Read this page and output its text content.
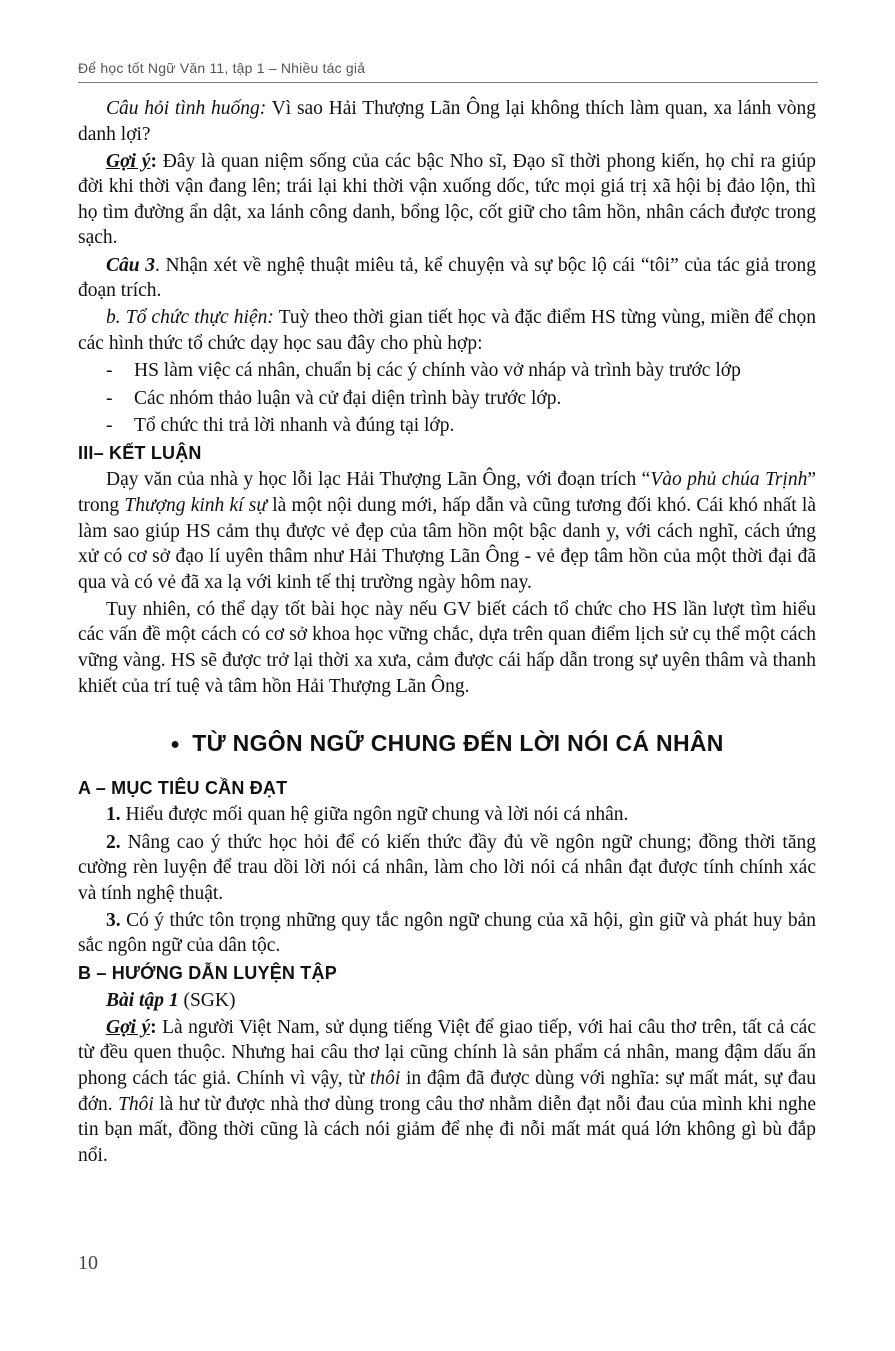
Để học tốt Ngữ Văn 11, tập 1 – Nhiều tác giả

Câu hỏi tình huống: Vì sao Hải Thượng Lãn Ông lại không thích làm quan, xa lánh vòng danh lợi?

Gợi ý: Đây là quan niệm sống của các bậc Nho sĩ, Đạo sĩ thời phong kiến, họ chỉ ra giúp đời khi thời vận đang lên; trái lại khi thời vận xuống dốc, tức mọi giá trị xã hội bị đảo lộn, thì họ tìm đường ẩn dật, xa lánh công danh, bổng lộc, cốt giữ cho tâm hồn, nhân cách được trong sạch.

Câu 3. Nhận xét về nghệ thuật miêu tả, kể chuyện và sự bộc lộ cái “tôi” của tác giả trong đoạn trích.

b. Tổ chức thực hiện: Tuỳ theo thời gian tiết học và đặc điểm HS từng vùng, miền để chọn các hình thức tổ chức dạy học sau đây cho phù hợp:

- HS làm việc cá nhân, chuẩn bị các ý chính vào vở nháp và trình bày trước lớp
- Các nhóm thảo luận và cử đại diện trình bày trước lớp.
- Tổ chức thi trả lời nhanh và đúng tại lớp.
III– KẾT LUẬN

Dạy văn của nhà y học lỗi lạc Hải Thượng Lãn Ông, với đoạn trích “Vào phủ chúa Trịnh” trong Thượng kinh kí sự là một nội dung mới, hấp dẫn và cũng tương đối khó. Cái khó nhất là làm sao giúp HS cảm thụ được vẻ đẹp của tâm hồn một bậc danh y, với cách nghĩ, cách ứng xử có cơ sở đạo lí uyên thâm như Hải Thượng Lãn Ông - vẻ đẹp tâm hồn của một thời đại đã qua và có vẻ đã xa lạ với kinh tế thị trường ngày hôm nay.

Tuy nhiên, có thể dạy tốt bài học này nếu GV biết cách tổ chức cho HS lần lượt tìm hiểu các vấn đề một cách có cơ sở khoa học vững chắc, dựa trên quan điểm lịch sử cụ thể một cách vững vàng. HS sẽ được trở lại thời xa xưa, cảm được cái hấp dẫn trong sự uyên thâm và thanh khiết của trí tuệ và tâm hồn Hải Thượng Lãn Ông.

● TỪ NGÔN NGỮ CHUNG ĐẾN LỜI NÓI CÁ NHÂN
A – MỤC TIÊU CẦN ĐẠT

1. Hiểu được mối quan hệ giữa ngôn ngữ chung và lời nói cá nhân.

2. Nâng cao ý thức học hỏi để có kiến thức đầy đủ về ngôn ngữ chung; đồng thời tăng cường rèn luyện để trau dồi lời nói cá nhân, làm cho lời nói cá nhân đạt được tính chính xác và tính nghệ thuật.

3. Có ý thức tôn trọng những quy tắc ngôn ngữ chung của xã hội, gìn giữ và phát huy bản sắc ngôn ngữ của dân tộc.

B – HƯỚNG DẪN LUYỆN TẬP

Bài tập 1 (SGK)

Gợi ý: Là người Việt Nam, sử dụng tiếng Việt để giao tiếp, với hai câu thơ trên, tất cả các từ đều quen thuộc. Nhưng hai câu thơ lại cũng chính là sản phẩm cá nhân, mang đậm dấu ấn phong cách tác giả. Chính vì vậy, từ thôi in đậm đã được dùng với nghĩa: sự mất mát, sự đau đớn. Thôi là hư từ được nhà thơ dùng trong câu thơ nhằm diễn đạt nỗi đau của mình khi nghe tin bạn mất, đồng thời cũng là cách nói giảm để nhẹ đi nỗi mất mát quá lớn không gì bù đắp nổi.

10
